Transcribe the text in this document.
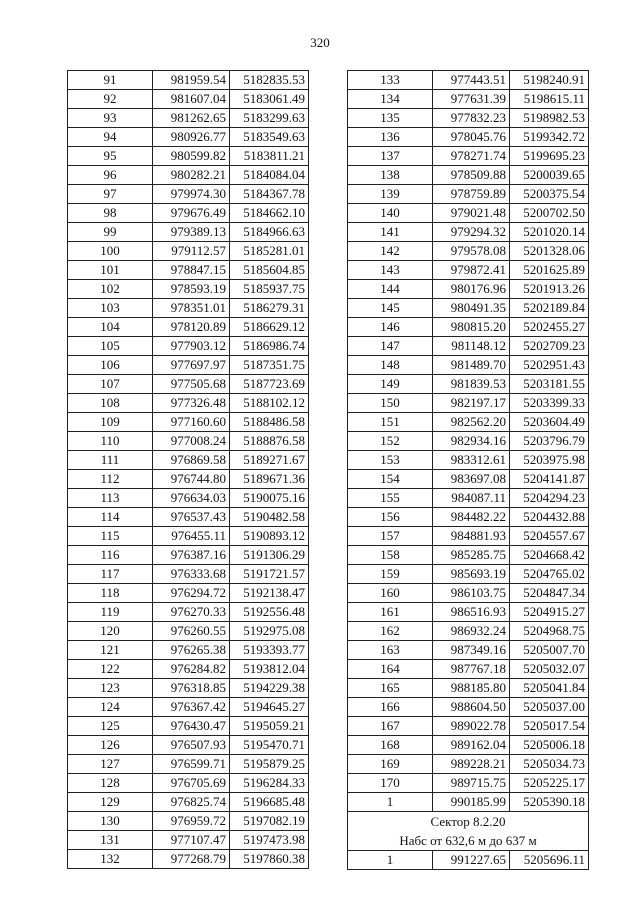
320
91	981959.54	5182835.53
92	981607.04	5183061.49
93	981262.65	5183299.63
94	980926.77	5183549.63
95	980599.82	5183811.21
96	980282.21	5184084.04
97	979974.30	5184367.78
98	979676.49	5184662.10
99	979389.13	5184966.63
100	979112.57	5185281.01
101	978847.15	5185604.85
102	978593.19	5185937.75
103	978351.01	5186279.31
104	978120.89	5186629.12
105	977903.12	5186986.74
106	977697.97	5187351.75
107	977505.68	5187723.69
108	977326.48	5188102.12
109	977160.60	5188486.58
110	977008.24	5188876.58
111	976869.58	5189271.67
112	976744.80	5189671.36
113	976634.03	5190075.16
114	976537.43	5190482.58
115	976455.11	5190893.12
116	976387.16	5191306.29
117	976333.68	5191721.57
118	976294.72	5192138.47
119	976270.33	5192556.48
120	976260.55	5192975.08
121	976265.38	5193393.77
122	976284.82	5193812.04
123	976318.85	5194229.38
124	976367.42	5194645.27
125	976430.47	5195059.21
126	976507.93	5195470.71
127	976599.71	5195879.25
128	976705.69	5196284.33
129	976825.74	5196685.48
130	976959.72	5197082.19
131	977107.47	5197473.98
132	977268.79	5197860.38
133	977443.51	5198240.91
134	977631.39	5198615.11
135	977832.23	5198982.53
136	978045.76	5199342.72
137	978271.74	5199695.23
138	978509.88	5200039.65
139	978759.89	5200375.54
140	979021.48	5200702.50
141	979294.32	5201020.14
142	979578.08	5201328.06
143	979872.41	5201625.89
144	980176.96	5201913.26
145	980491.35	5202189.84
146	980815.20	5202455.27
147	981148.12	5202709.23
148	981489.70	5202951.43
149	981839.53	5203181.55
150	982197.17	5203399.33
151	982562.20	5203604.49
152	982934.16	5203796.79
153	983312.61	5203975.98
154	983697.08	5204141.87
155	984087.11	5204294.23
156	984482.22	5204432.88
157	984881.93	5204557.67
158	985285.75	5204668.42
159	985693.19	5204765.02
160	986103.75	5204847.34
161	986516.93	5204915.27
162	986932.24	5204968.75
163	987349.16	5205007.70
164	987767.18	5205032.07
165	988185.80	5205041.84
166	988604.50	5205037.00
167	989022.78	5205017.54
168	989162.04	5205006.18
169	989228.21	5205034.73
170	989715.75	5205225.17
1	990185.99	5205390.18

Сектор 8.2.20
Набс от 632,6 м до 637 м		

1	991227.65	5205696.11
